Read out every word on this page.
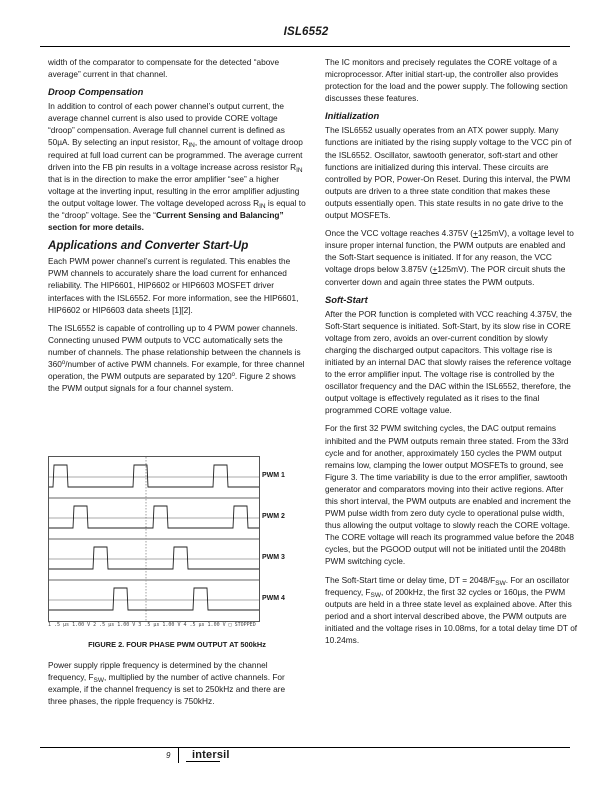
ISL6552

width of the comparator to compensate for the detected “above average” current in that channel.

Droop Compensation

In addition to control of each power channel’s output current, the average channel current is also used to provide CORE voltage “droop” compensation. Average full channel current is defined as 50µA. By selecting an input resistor, $R_{IN}$, the amount of voltage droop required at full load current can be programmed. The average current driven into the FB pin results in a voltage increase across resistor $R_{IN}$ that is in the direction to make the error amplifier “see” a higher voltage at the inverting input, resulting in the error amplifier adjusting the output voltage lower. The voltage developed across $R_{IN}$ is equal to the “droop” voltage. See the “Current Sensing and Balancing” section for more details.

Applications and Converter Start-Up

Each PWM power channel’s current is regulated. This enables the PWM channels to accurately share the load current for enhanced reliability. The HIP6601, HIP6602 or HIP6603 MOSFET driver interfaces with the ISL6552. For more information, see the HIP6601, HIP6602 or HIP6603 data sheets [1][2].

The ISL6552 is capable of controlling up to 4 PWM power channels. Connecting unused PWM outputs to VCC automatically sets the number of channels. The phase relationship between the channels is 360$^o$/number of active PWM channels. For example, for three channel operation, the PWM outputs are separated by 120$^o$. Figure 2 shows the PWM output signals for a four channel system.

PWM 1
PWM 2
PWM 3
PWM 4
1 .5 µs 1.00 V 2 .5 µs 1.00 V 3 .5 µs 1.00 V 4 .5 µs 1.00 V □ STOPPED
FIGURE 2. FOUR PHASE PWM OUTPUT AT 500kHz
Power supply ripple frequency is determined by the channel frequency, $F_{SW}$, multiplied by the number of active channels. For example, if the channel frequency is set to 250kHz and there are three phases, the ripple frequency is 750kHz.

The IC monitors and precisely regulates the CORE voltage of a microprocessor. After initial start-up, the controller also provides protection for the load and the power supply. The following section discusses these features.

Initialization

The ISL6552 usually operates from an ATX power supply. Many functions are initiated by the rising supply voltage to the VCC pin of the ISL6552. Oscillator, sawtooth generator, soft-start and other functions are initialized during this interval. These circuits are controlled by POR, Power-On Reset. During this interval, the PWM outputs are driven to a three state condition that makes these outputs essentially open. This state results in no gate drive to the output MOSFETs.

Once the VCC voltage reaches 4.375V (+125mV), a voltage level to insure proper internal function, the PWM outputs are enabled and the Soft-Start sequence is initiated. If for any reason, the VCC voltage drops below 3.875V (+125mV). The POR circuit shuts the converter down and again three states the PWM outputs.

Soft-Start

After the POR function is completed with VCC reaching 4.375V, the Soft-Start sequence is initiated. Soft-Start, by its slow rise in CORE voltage from zero, avoids an over-current condition by slowly charging the discharged output capacitors. This voltage rise is initiated by an internal DAC that slowly raises the reference voltage to the error amplifier input. The voltage rise is controlled by the oscillator frequency and the DAC within the ISL6552, therefore, the output voltage is effectively regulated as it rises to the final programmed CORE voltage value.

For the first 32 PWM switching cycles, the DAC output remains inhibited and the PWM outputs remain three stated. From the 33rd cycle and for another, approximately 150 cycles the PWM output remains low, clamping the lower output MOSFETs to ground, see Figure 3. The time variability is due to the error amplifier, sawtooth generator and comparators moving into their active regions. After this short interval, the PWM outputs are enabled and increment the PWM pulse width from zero duty cycle to operational pulse width, thus allowing the output voltage to slowly reach the CORE voltage. The CORE voltage will reach its programmed value before the 2048 cycles, but the PGOOD output will not be initiated until the 2048th PWM switching cycle.

The Soft-Start time or delay time, DT = $2048/F_{SW}$. For an oscillator frequency, $F_{SW}$, of 200kHz, the first 32 cycles or 160µs, the PWM outputs are held in a three state level as explained above. After this period and a short interval described above, the PWM outputs are initiated and the voltage rises in 10.08ms, for a total delay time DT of 10.24ms.

9 intersil
